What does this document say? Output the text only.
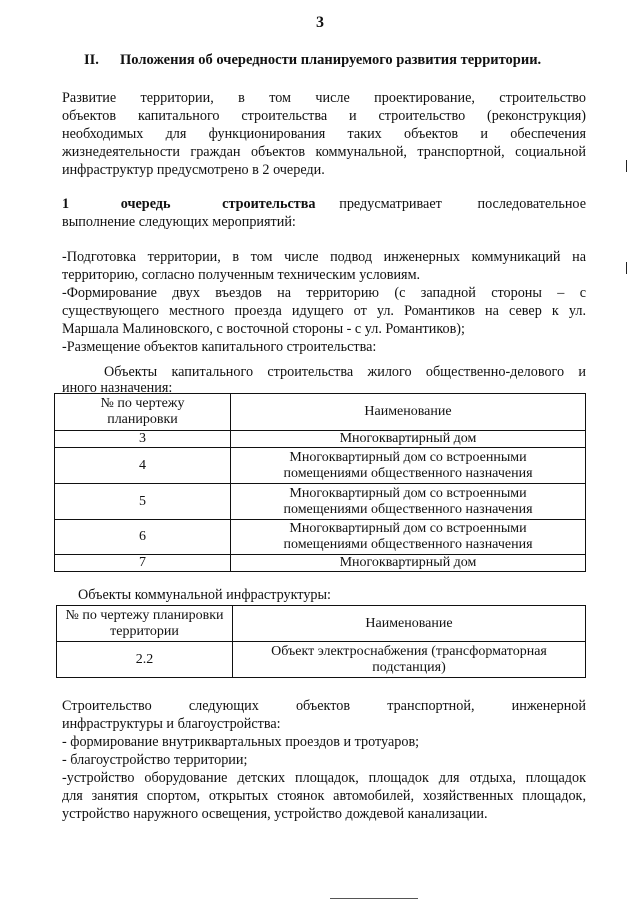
3
II. Положения об очередности планируемого развития территории.
Развитие территории, в том числе проектирование, строительство
объектов капитального строительства и строительство (реконструкция)
необходимых для функционирования таких объектов и обеспечения
жизнедеятельности граждан объектов коммунальной, транспортной, социальной
инфраструктур предусмотрено в 2 очереди.
1 очередь строительства предусматривает последовательное
выполнение следующих мероприятий:
-Подготовка территории, в том числе подвод инженерных коммуникаций на
территорию, согласно полученным техническим условиям.
-Формирование двух въездов на территорию (с западной стороны – с
существующего местного проезда идущего от ул. Романтиков на север к ул.
Маршала Малиновского, с восточной стороны - с ул. Романтиков);
-Размещение объектов капитального строительства:
Объекты капитального строительства жилого общественно-делового и
иного назначения:
№ по чертежу
планировки	Наименование
3	Многоквартирный дом
4	Многоквартирный дом со встроенными
помещениями общественного назначения
5	Многоквартирный дом со встроенными
помещениями общественного назначения
6	Многоквартирный дом со встроенными
помещениями общественного назначения
7	Многоквартирный дом
Объекты коммунальной инфраструктуры:
№ по чертежу планировки
территории	Наименование
2.2	Объект электроснабжения (трансформаторная
подстанция)
Строительство следующих объектов транспортной, инженерной
инфраструктуры и благоустройства:
- формирование внутриквартальных проездов и тротуаров;
- благоустройство территории;
-устройство оборудование детских площадок, площадок для отдыха, площадок
для занятия спортом, открытых стоянок автомобилей, хозяйственных площадок,
устройство наружного освещения, устройство дождевой канализации.
